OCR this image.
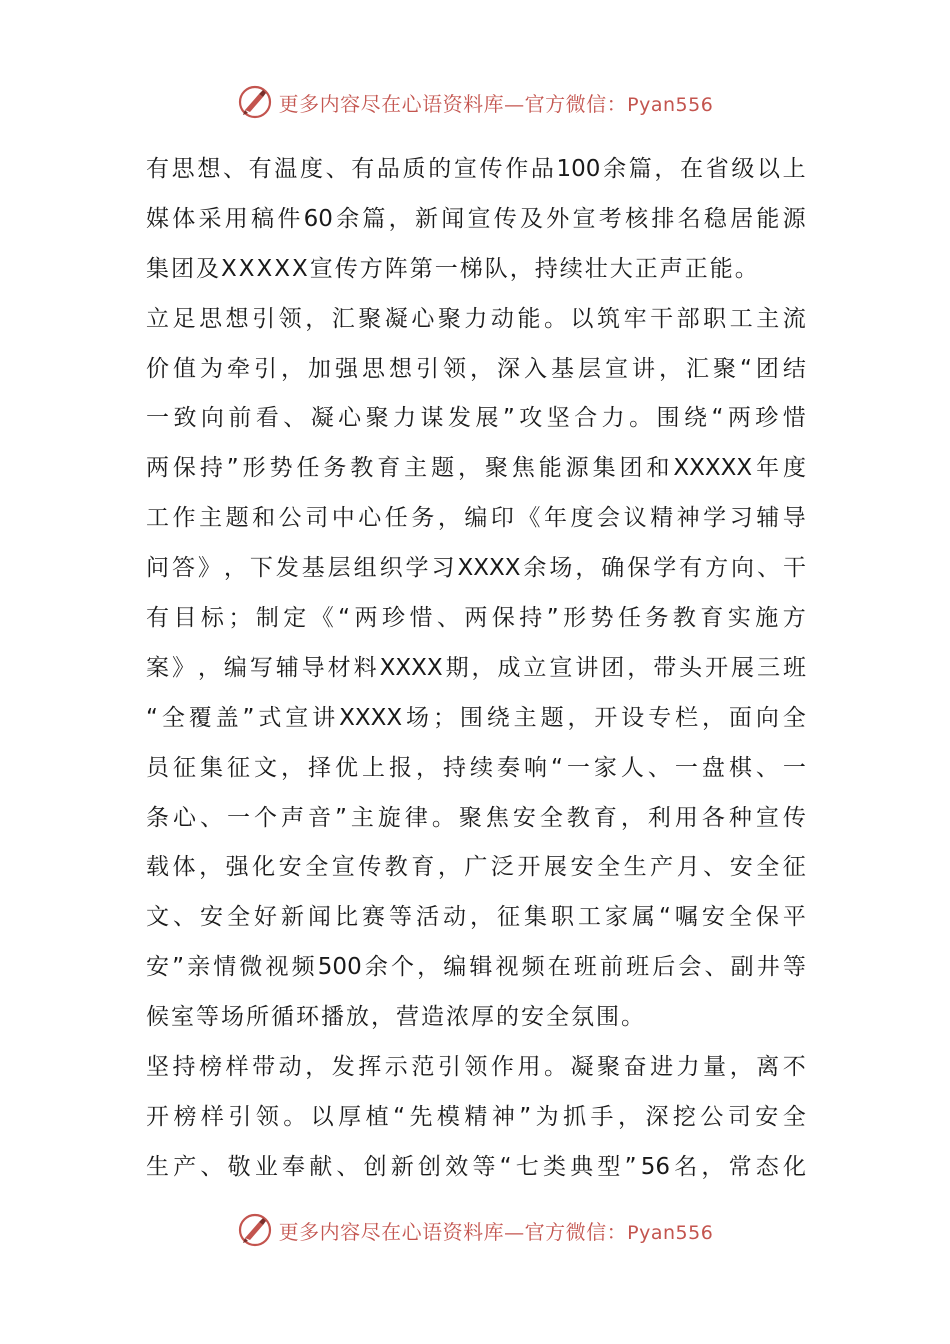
更多内容尽在心语资料库—官方微信：Pyan556
有 思 想 、 有 温 度 、 有 品 质 的 宣 传 作 品 100 余 篇 ， 在 省 级 以 上
媒 体 采 用 稿 件 60 余 篇 ， 新 闻 宣 传 及 外 宣 考 核 排 名 稳 居 能 源
集团及XXXXX宣传方阵第一梯队，持续壮大正声正能。
立 足 思 想 引 领 ， 汇 聚 凝 心 聚 力 动 能 。 以 筑 牢 干 部 职 工 主 流
价 值 为 牵 引 ， 加 强 思 想 引 领 ， 深 入 基 层 宣 讲 ， 汇 聚 “ 团 结
一 致 向 前 看 、 凝 心 聚 力 谋 发 展 ” 攻 坚 合 力 。 围 绕 “ 两 珍 惜
两 保 持 ” 形 势 任 务 教 育 主 题 ， 聚 焦 能 源 集 团 和 XXXXX 年 度
工 作 主 题 和 公 司 中 心 任 务 ， 编 印 《 年 度 会 议 精 神 学 习 辅 导
问 答 》 ， 下 发 基 层 组 织 学 习 XXXX 余 场 ， 确 保 学 有 方 向 、 干
有 目 标 ； 制 定 《 “ 两 珍 惜 、 两 保 持 ” 形 势 任 务 教 育 实 施 方
案 》 ， 编 写 辅 导 材 料 XXXX 期 ， 成 立 宣 讲 团 ， 带 头 开 展 三 班
“ 全 覆 盖 ” 式 宣 讲 XXXX 场 ； 围 绕 主 题 ， 开 设 专 栏 ， 面 向 全
员 征 集 征 文 ， 择 优 上 报 ， 持 续 奏 响 “ 一 家 人 、 一 盘 棋 、 一
条 心 、 一 个 声 音 ” 主 旋 律 。 聚 焦 安 全 教 育 ， 利 用 各 种 宣 传
载 体 ， 强 化 安 全 宣 传 教 育 ， 广 泛 开 展 安 全 生 产 月 、 安 全 征
文 、 安 全 好 新 闻 比 赛 等 活 动 ， 征 集 职 工 家 属 “ 嘱 安 全 保 平
安 ” 亲 情 微 视 频 500 余 个 ， 编 辑 视 频 在 班 前 班 后 会 、 副 井 等
候室等场所循环播放，营造浓厚的安全氛围。
坚 持 榜 样 带 动 ， 发 挥 示 范 引 领 作 用 。 凝 聚 奋 进 力 量 ， 离 不
开 榜 样 引 领 。 以 厚 植 “ 先 模 精 神 ” 为 抓 手 ， 深 挖 公 司 安 全
生 产 、 敬 业 奉 献 、 创 新 创 效 等 “ 七 类 典 型 ” 56 名 ， 常 态 化
更多内容尽在心语资料库—官方微信：Pyan556
